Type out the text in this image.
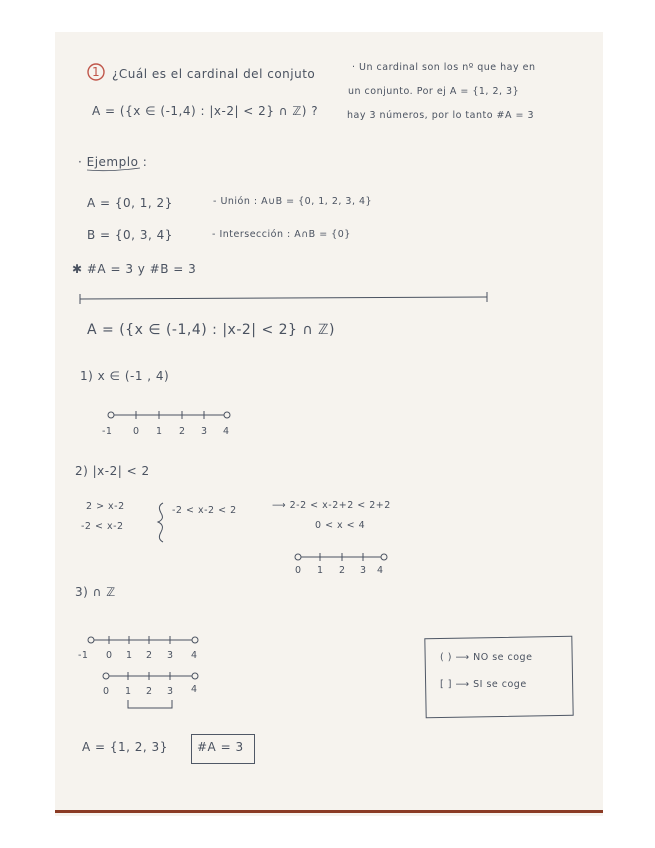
1 ¿Cuál es el cardinal del conjuto
A = ({x ∈ (-1,4) : |x-2| < 2} ∩ ℤ) ?
· Un cardinal son los nº que hay en
un conjunto. Por ej A = {1, 2, 3}
hay 3 números, por lo tanto #A = 3
· Ejemplo :
A = {0, 1, 2}
B = {0, 3, 4}
- Unión : A∪B = {0, 1, 2, 3, 4}
- Intersección : A∩B = {0}
✱ #A = 3 y #B = 3
A = ({x ∈ (-1,4) : |x-2| < 2} ∩ ℤ)
1) x ∈ (-1 , 4)
-1 0 1 2 3 4
2) |x-2| < 2
2 > x-2
-2 < x-2
-2 < x-2 < 2	⟶ 2-2 < x-2+2 < 2+2
0 < x < 4
0 1 2 3 4
3) ∩ ℤ
-1 0 1 2 3 4
0 1 2 3 4
( ) ⟶ NO se coge
[ ] ⟶ SI se coge
A = {1, 2, 3} #A = 3
